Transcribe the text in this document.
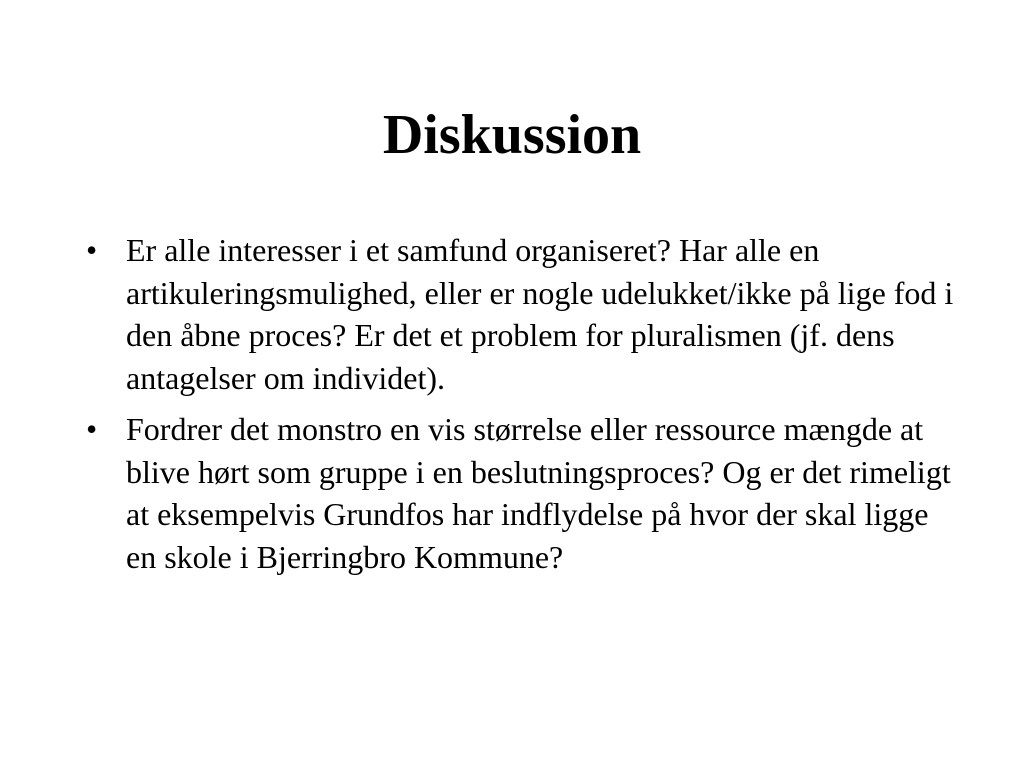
Diskussion
• Er alle interesser i et samfund organiseret? Har alle en artikuleringsmulighed, eller er nogle udelukket/ikke på lige fod i den åbne proces? Er det et problem for pluralismen (jf. dens antagelser om individet).
• Fordrer det monstro en vis størrelse eller ressource mængde at blive hørt som gruppe i en beslutningsproces? Og er det rimeligt at eksempelvis Grundfos har indflydelse på hvor der skal ligge en skole i Bjerringbro Kommune?
